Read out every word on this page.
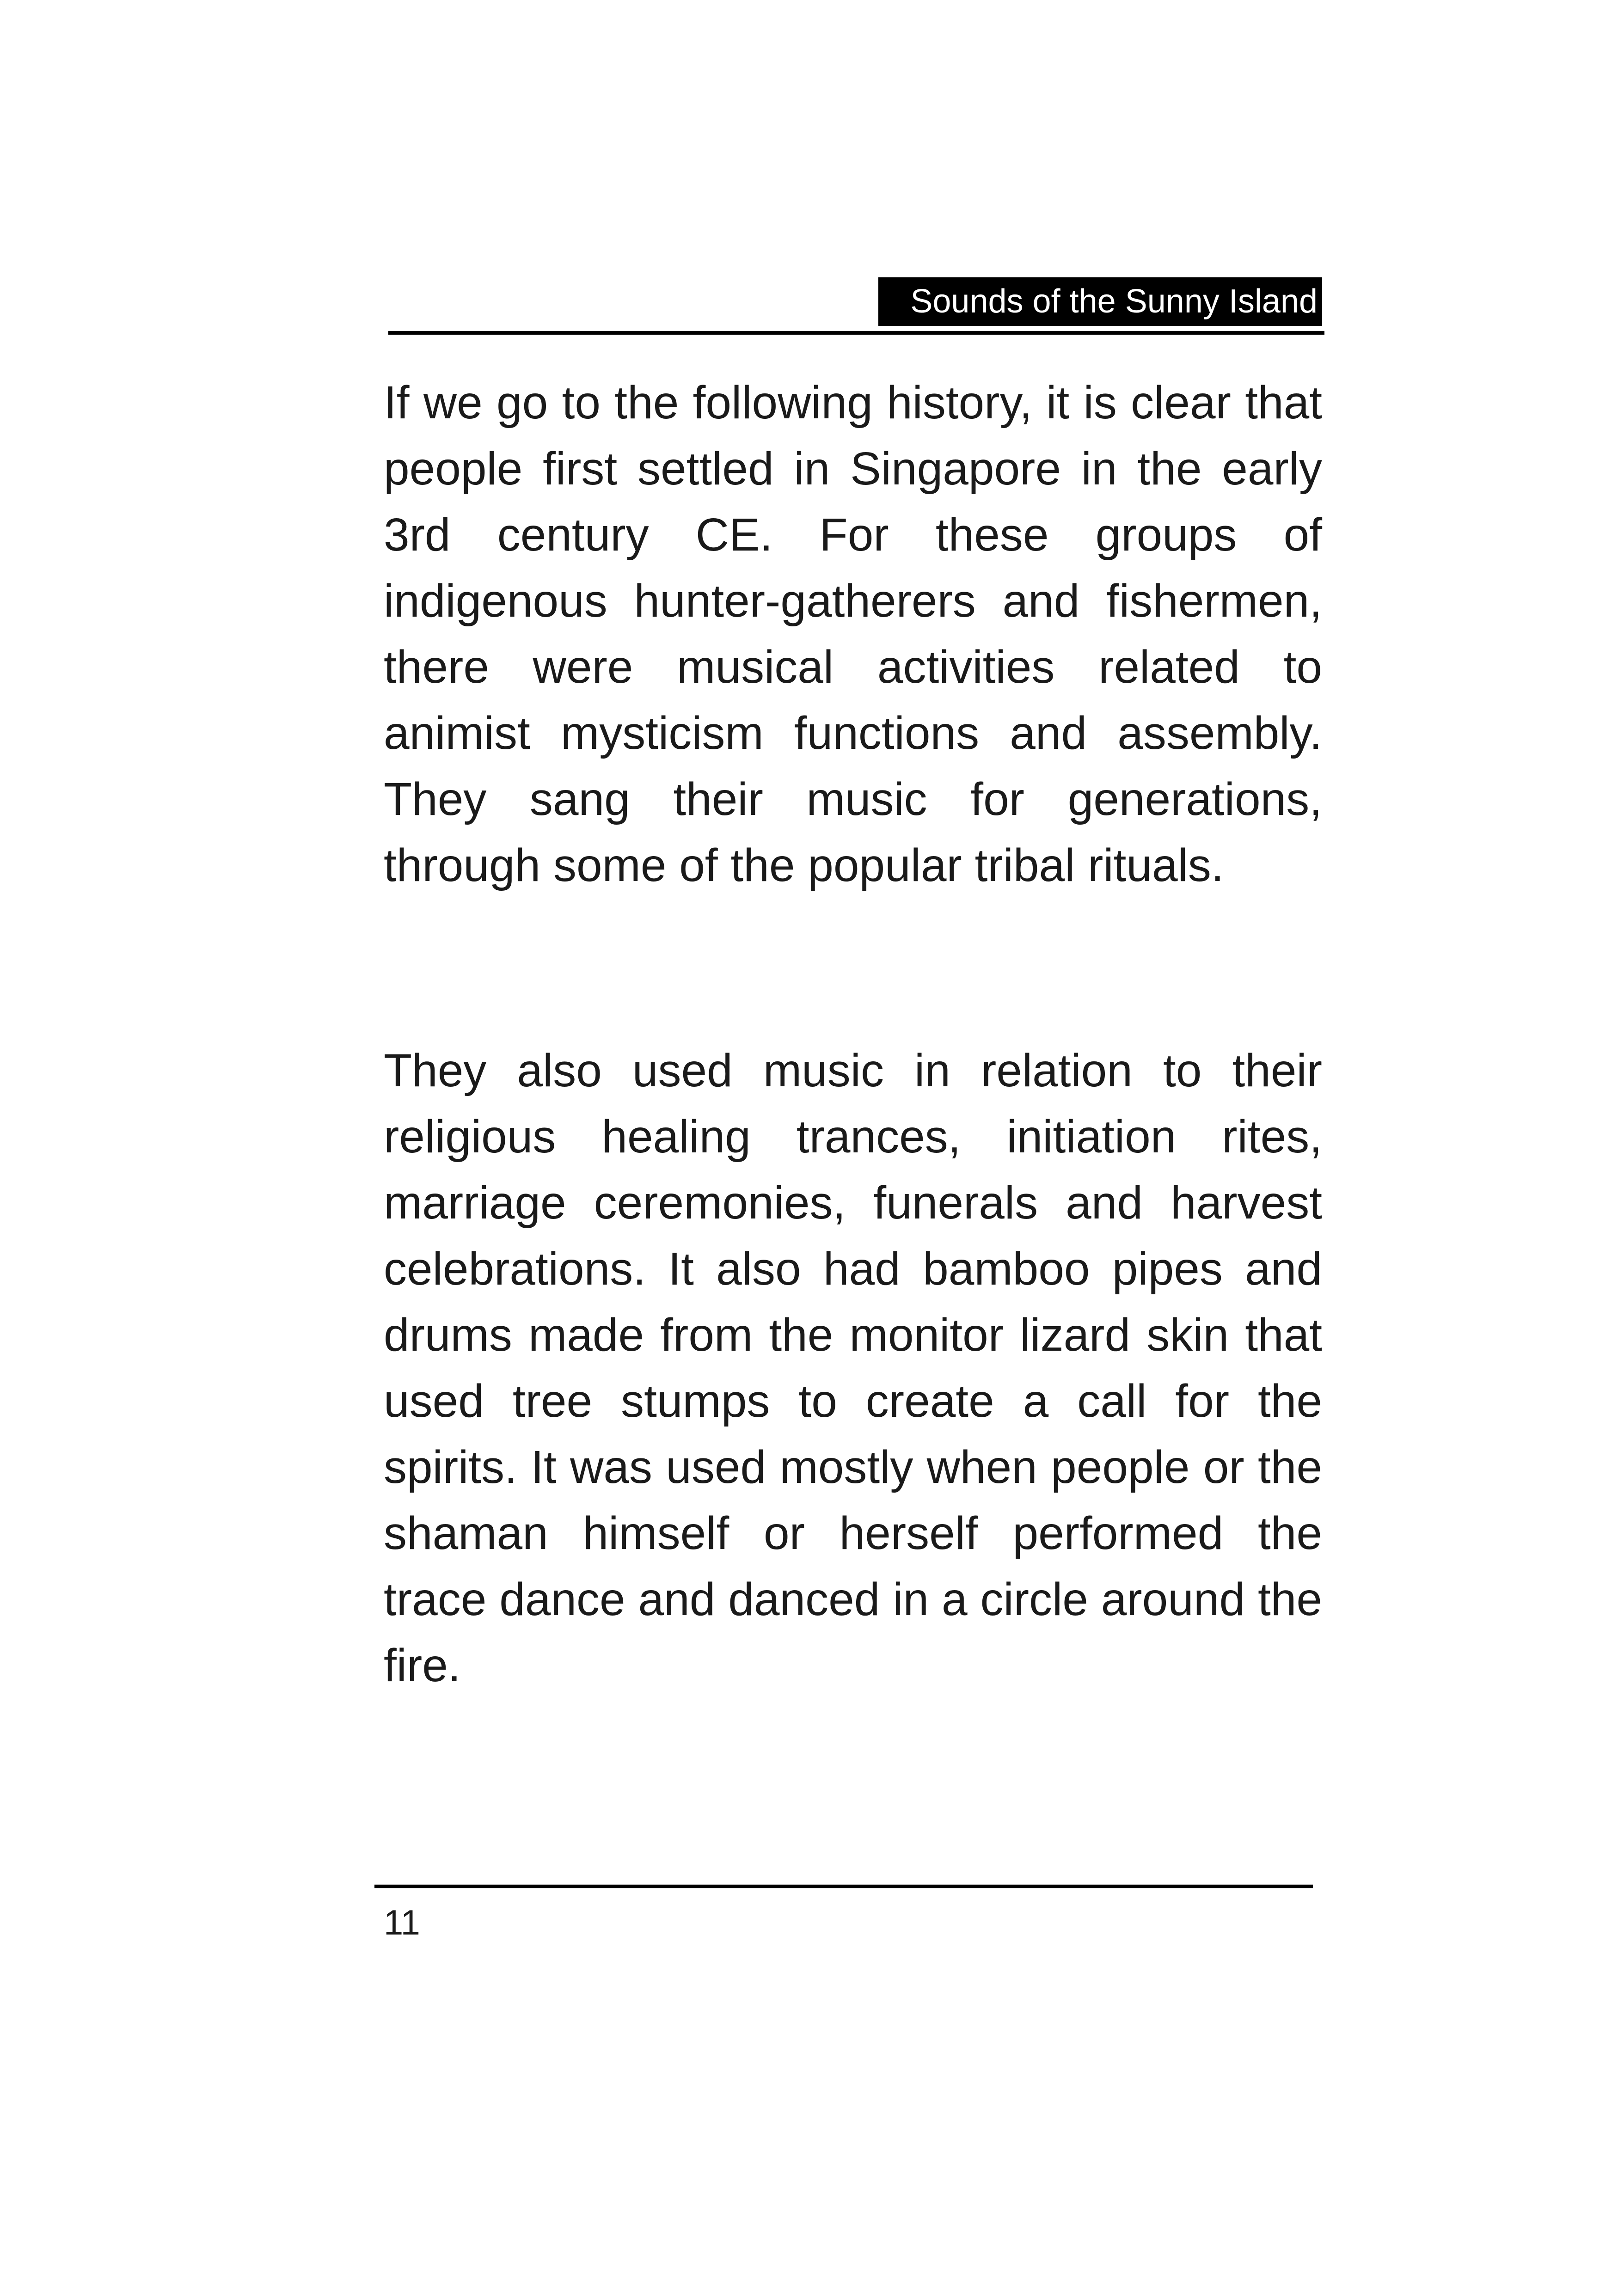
Sounds of the Sunny Island

If we go to the following history, it is clear that people first settled in Singapore in the early 3rd century CE. For these groups of indigenous hunter-gatherers and fishermen, there were musical activities related to animist mysticism functions and assembly. They sang their music for generations, through some of the popular tribal rituals.

They also used music in relation to their religious healing trances, initiation rites, marriage ceremonies, funerals and harvest celebrations. It also had bamboo pipes and drums made from the monitor lizard skin that used tree stumps to create a call for the spirits. It was used mostly when people or the shaman himself or herself performed the trace dance and danced in a circle around the fire.

11
